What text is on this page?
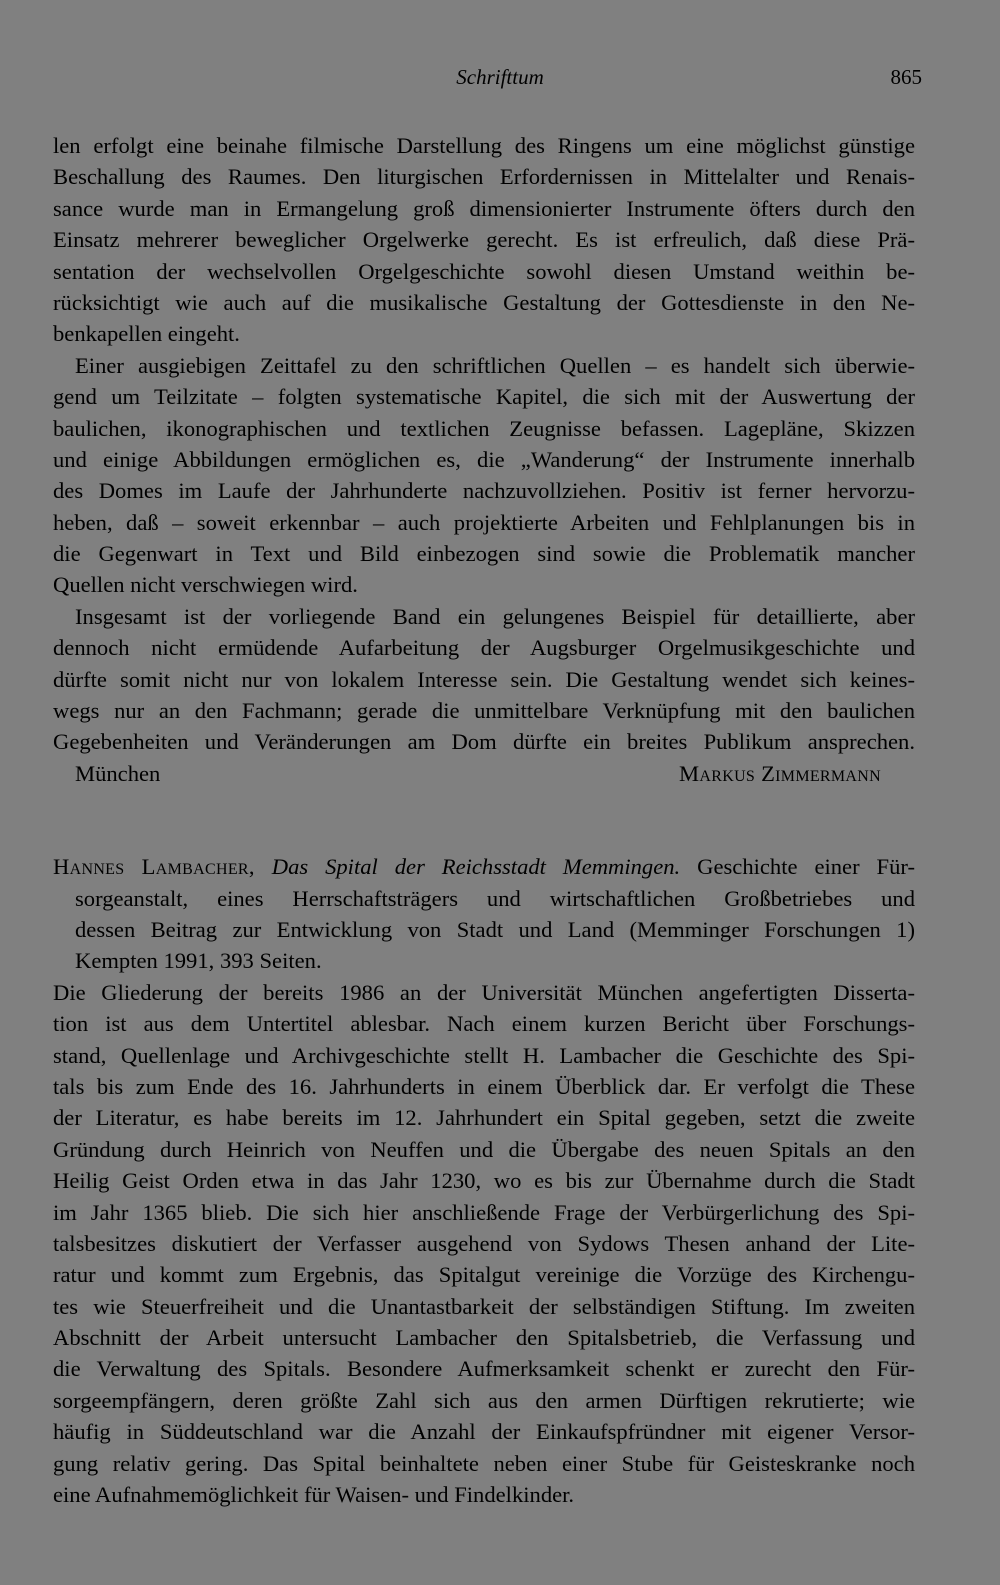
Schrifttum	865
len erfolgt eine beinahe filmische Darstellung des Ringens um eine möglichst günstige
Beschallung des Raumes. Den liturgischen Erfordernissen in Mittelalter und Renais-
sance wurde man in Ermangelung groß dimensionierter Instrumente öfters durch den
Einsatz mehrerer beweglicher Orgelwerke gerecht. Es ist erfreulich, daß diese Prä-
sentation der wechselvollen Orgelgeschichte sowohl diesen Umstand weithin be-
rücksichtigt wie auch auf die musikalische Gestaltung der Gottesdienste in den Ne-
benkapellen eingeht.
Einer ausgiebigen Zeittafel zu den schriftlichen Quellen – es handelt sich überwie-
gend um Teilzitate – folgten systematische Kapitel, die sich mit der Auswertung der
baulichen, ikonographischen und textlichen Zeugnisse befassen. Lagepläne, Skizzen
und einige Abbildungen ermöglichen es, die „Wanderung“ der Instrumente innerhalb
des Domes im Laufe der Jahrhunderte nachzuvollziehen. Positiv ist ferner hervorzu-
heben, daß – soweit erkennbar – auch projektierte Arbeiten und Fehlplanungen bis in
die Gegenwart in Text und Bild einbezogen sind sowie die Problematik mancher
Quellen nicht verschwiegen wird.
Insgesamt ist der vorliegende Band ein gelungenes Beispiel für detaillierte, aber
dennoch nicht ermüdende Aufarbeitung der Augsburger Orgelmusikgeschichte und
dürfte somit nicht nur von lokalem Interesse sein. Die Gestaltung wendet sich keines-
wegs nur an den Fachmann; gerade die unmittelbare Verknüpfung mit den baulichen
Gegebenheiten und Veränderungen am Dom dürfte ein breites Publikum ansprechen.
München	Markus Zimmermann
Hannes Lambacher, Das Spital der Reichsstadt Memmingen. Geschichte einer Für-
sorgeanstalt, eines Herrschaftsträgers und wirtschaftlichen Großbetriebes und
dessen Beitrag zur Entwicklung von Stadt und Land (Memminger Forschungen 1)
Kempten 1991, 393 Seiten.
Die Gliederung der bereits 1986 an der Universität München angefertigten Disserta-
tion ist aus dem Untertitel ablesbar. Nach einem kurzen Bericht über Forschungs-
stand, Quellenlage und Archivgeschichte stellt H. Lambacher die Geschichte des Spi-
tals bis zum Ende des 16. Jahrhunderts in einem Überblick dar. Er verfolgt die These
der Literatur, es habe bereits im 12. Jahrhundert ein Spital gegeben, setzt die zweite
Gründung durch Heinrich von Neuffen und die Übergabe des neuen Spitals an den
Heilig Geist Orden etwa in das Jahr 1230, wo es bis zur Übernahme durch die Stadt
im Jahr 1365 blieb. Die sich hier anschließende Frage der Verbürgerlichung des Spi-
talsbesitzes diskutiert der Verfasser ausgehend von Sydows Thesen anhand der Lite-
ratur und kommt zum Ergebnis, das Spitalgut vereinige die Vorzüge des Kirchengu-
tes wie Steuerfreiheit und die Unantastbarkeit der selbständigen Stiftung. Im zweiten
Abschnitt der Arbeit untersucht Lambacher den Spitalsbetrieb, die Verfassung und
die Verwaltung des Spitals. Besondere Aufmerksamkeit schenkt er zurecht den Für-
sorgeempfängern, deren größte Zahl sich aus den armen Dürftigen rekrutierte; wie
häufig in Süddeutschland war die Anzahl der Einkaufspfründner mit eigener Versor-
gung relativ gering. Das Spital beinhaltete neben einer Stube für Geisteskranke noch
eine Aufnahmemöglichkeit für Waisen- und Findelkinder.
